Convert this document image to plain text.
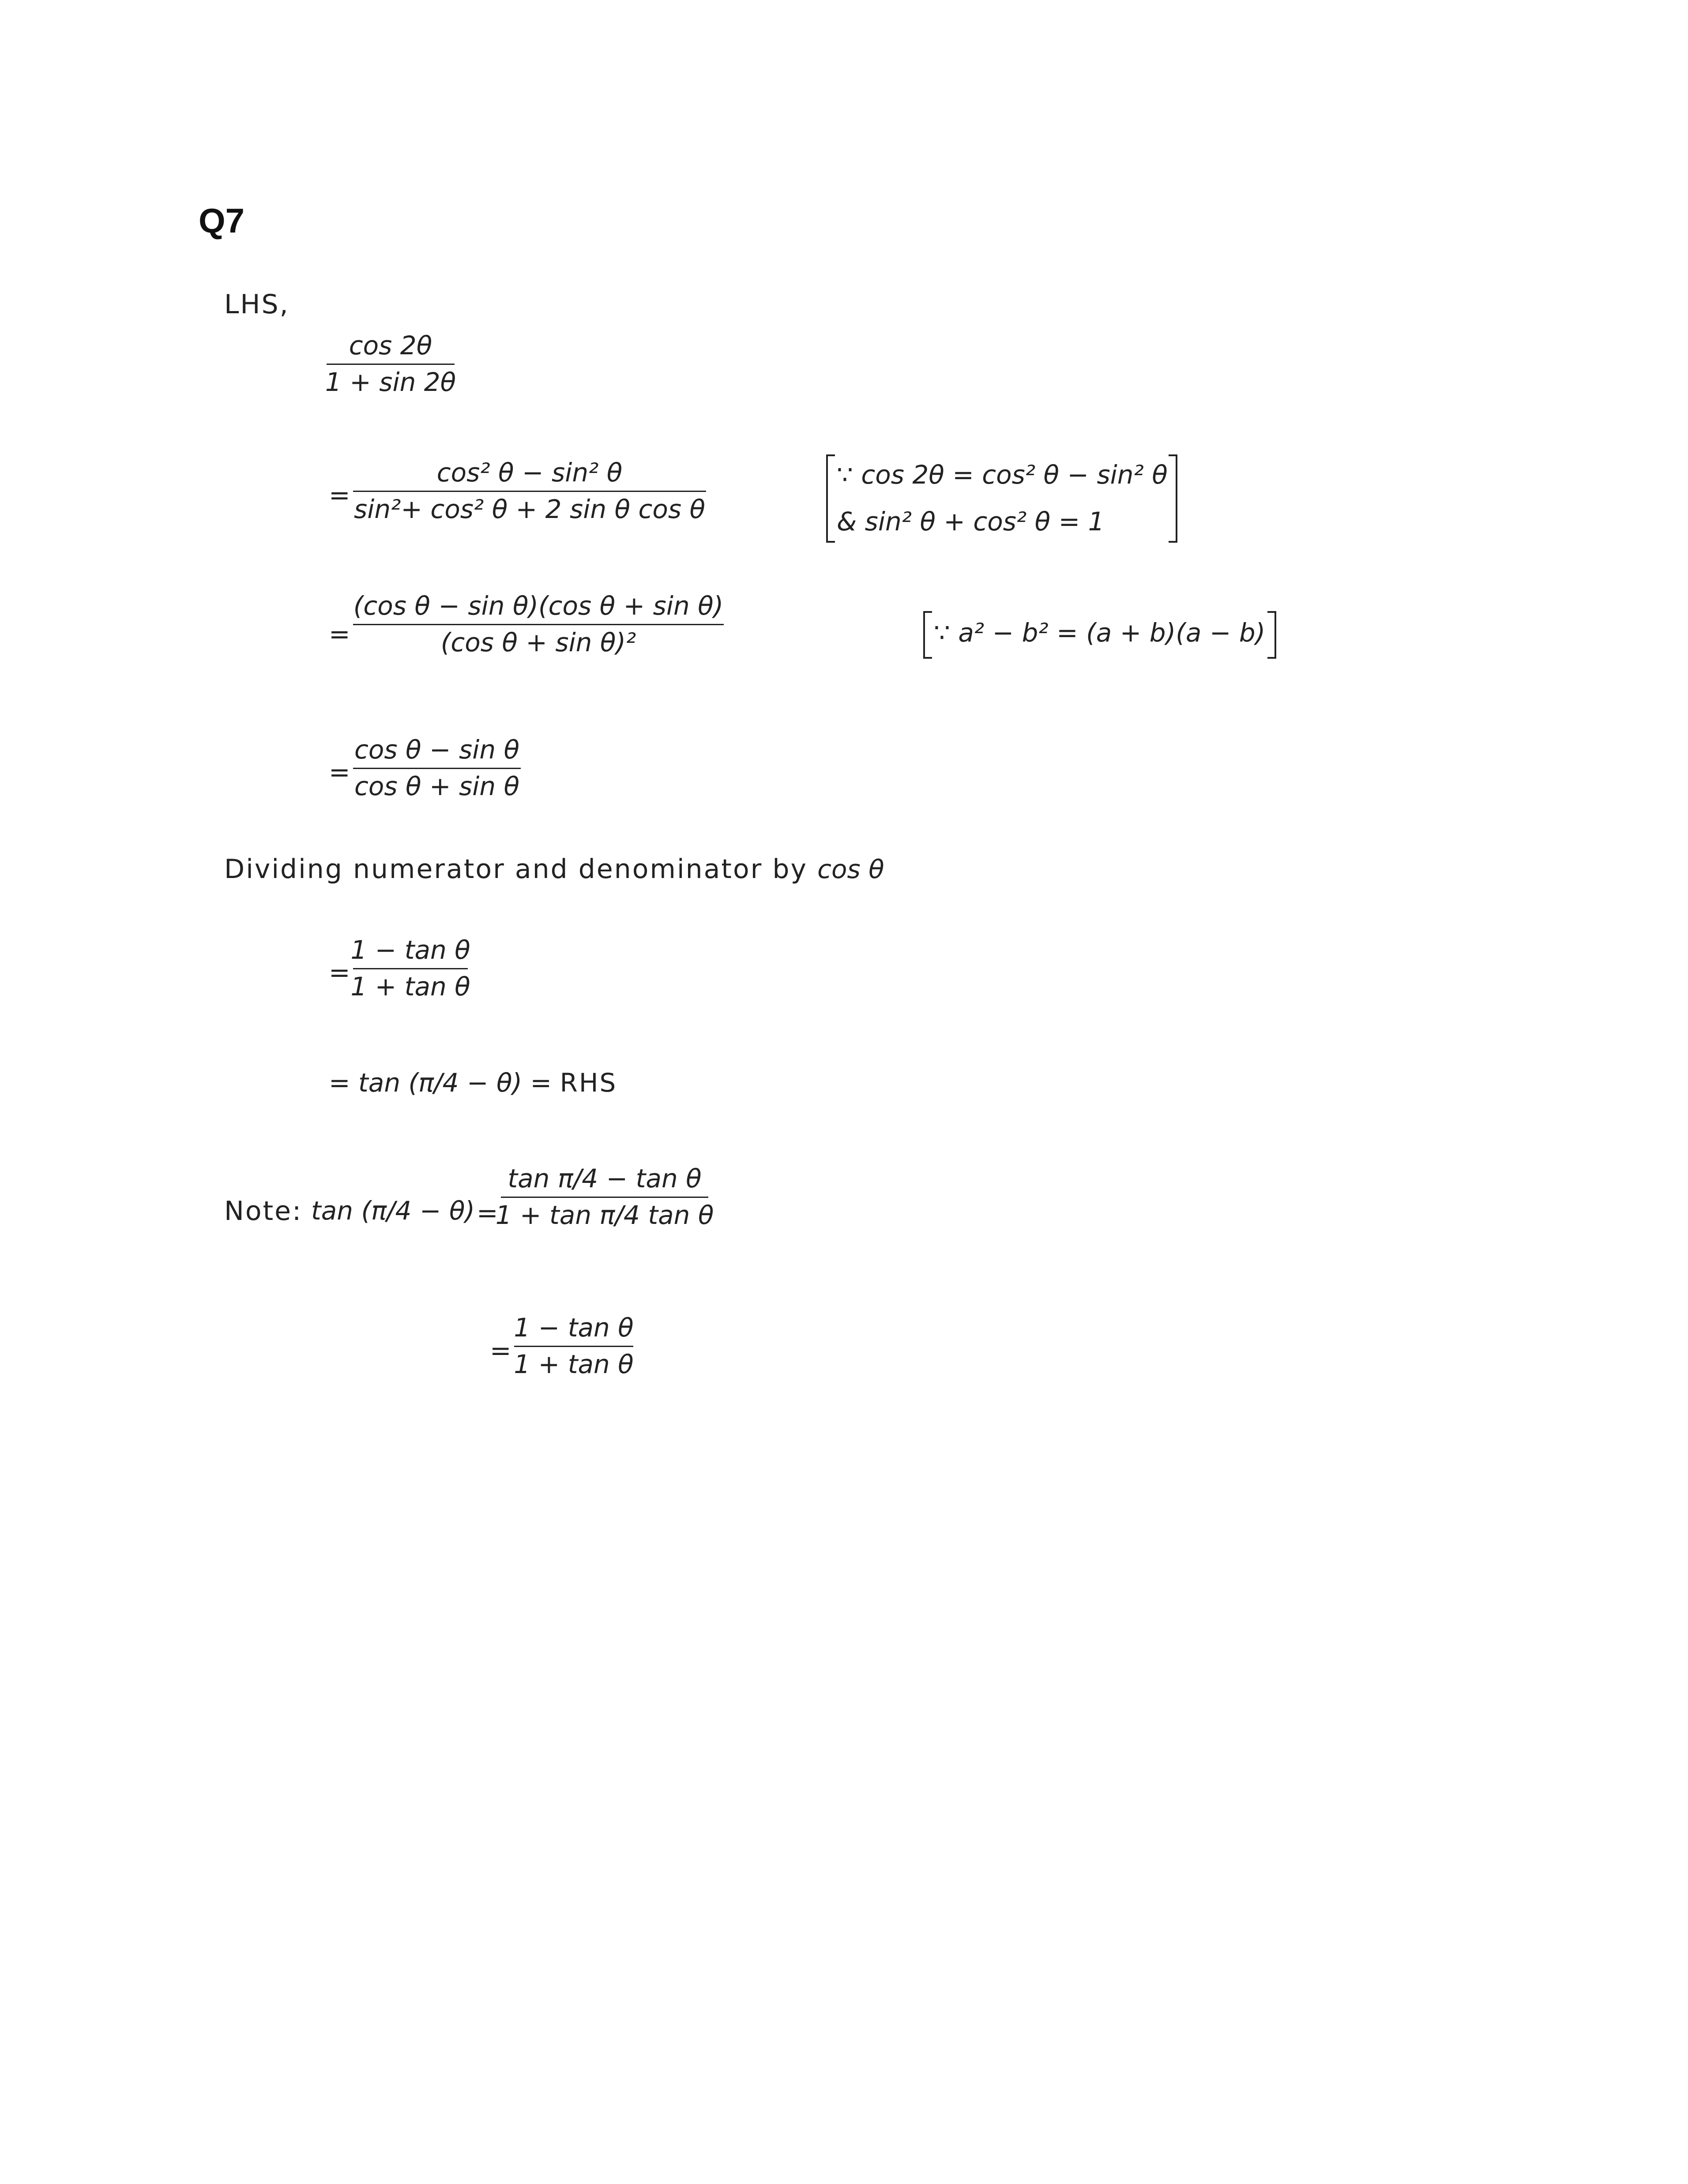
Q7
LHS,
cos 2θ
1 + sin 2θ
=
cos² θ − sin² θ
sin²+ cos² θ + 2 sin θ cos θ
∵ cos 2θ = cos² θ − sin² θ
& sin² θ + cos² θ = 1
=
(cos θ − sin θ)(cos θ + sin θ)
(cos θ + sin θ)²	∵ a² − b² = (a + b)(a − b)
=
cos θ − sin θ
cos θ + sin θ
Dividing numerator and denominator by cos θ
=
1 − tan θ
1 + tan θ
= tan (π/4 − θ) = RHS
Note: tan (π/4 − θ) =
tan π/4 − tan θ
1 + tan π/4 tan θ
=
1 − tan θ
1 + tan θ
